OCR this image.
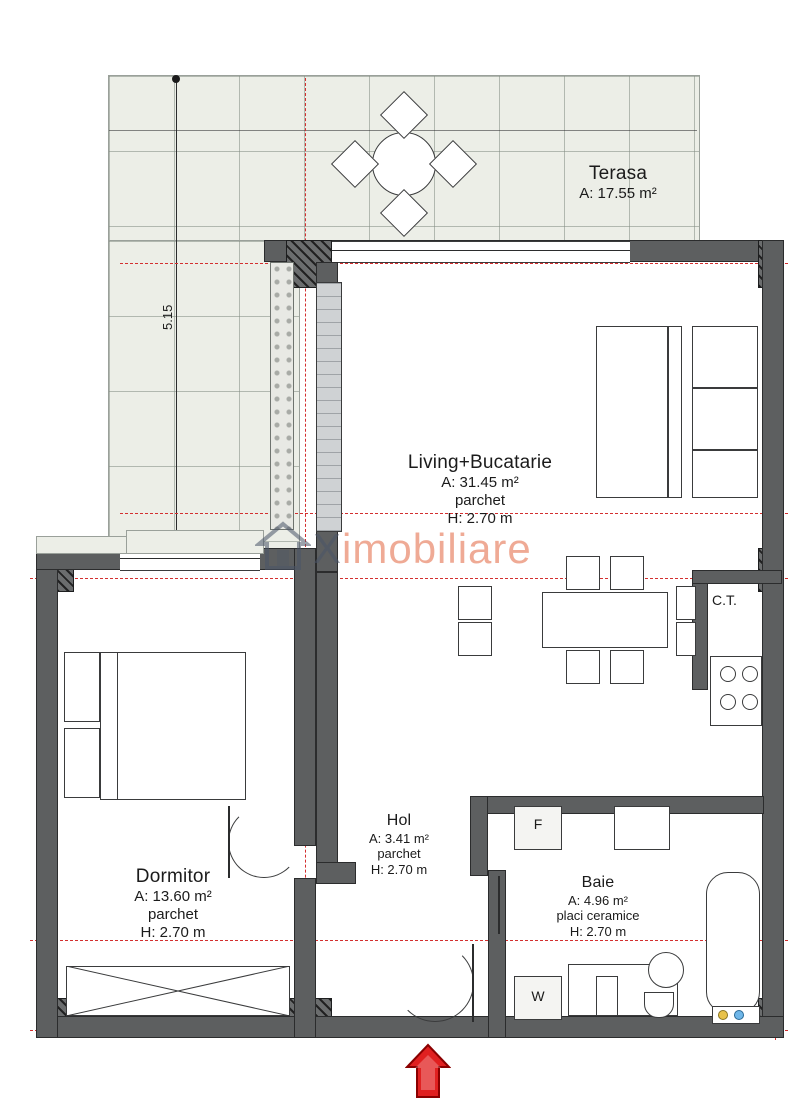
Terasa
A: 17.55 m²
5.15
F
C.T.
W
Living+Bucatarie
A: 31.45 m²
parchet
H: 2.70 m
Dormitor
A: 13.60 m²
parchet
H: 2.70 m
Hol
A: 3.41 m²
parchet
H: 2.70 m
Baie
A: 4.96 m²
placi ceramice
H: 2.70 m
Ximobiliare
